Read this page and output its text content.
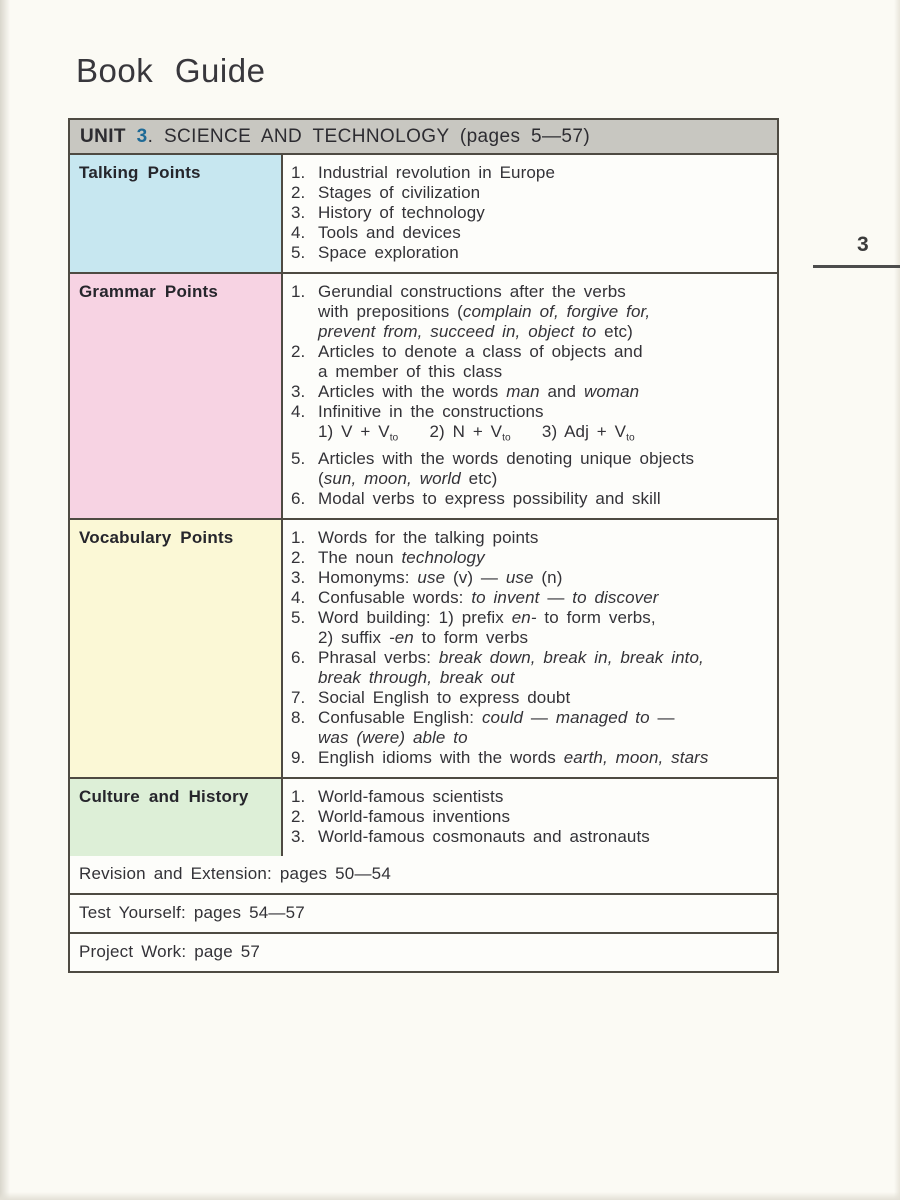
Book Guide
3
UNIT 3. SCIENCE AND TECHNOLOGY (pages 5—57)
Talking Points	1. Industrial revolution in Europe
2. Stages of civilization
3. History of technology
4. Tools and devices
5. Space exploration
Grammar Points	1. Gerundial constructions after the verbs
with prepositions (complain of, forgive for,
prevent from, succeed in, object to etc)
2. Articles to denote a class of objects and
a member of this class
3. Articles with the words man and woman
4. Infinitive in the constructions
1) $V + V_{to}$    2) $N + V_{to}$    3) Adj + $V_{to}$
5. Articles with the words denoting unique objects
(sun, moon, world etc)
6. Modal verbs to express possibility and skill
Vocabulary Points	1. Words for the talking points
2. The noun technology
3. Homonyms: use (v) — use (n)
4. Confusable words: to invent — to discover
5. Word building: 1) prefix en- to form verbs,
2) suffix -en to form verbs
6. Phrasal verbs: break down, break in, break into,
break through, break out
7. Social English to express doubt
8. Confusable English: could — managed to —
was (were) able to
9. English idioms with the words earth, moon, stars
Culture and History	1. World-famous scientists
2. World-famous inventions
3. World-famous cosmonauts and astronauts
Revision and Extension: pages 50—54
Test Yourself: pages 54—57
Project Work: page 57
